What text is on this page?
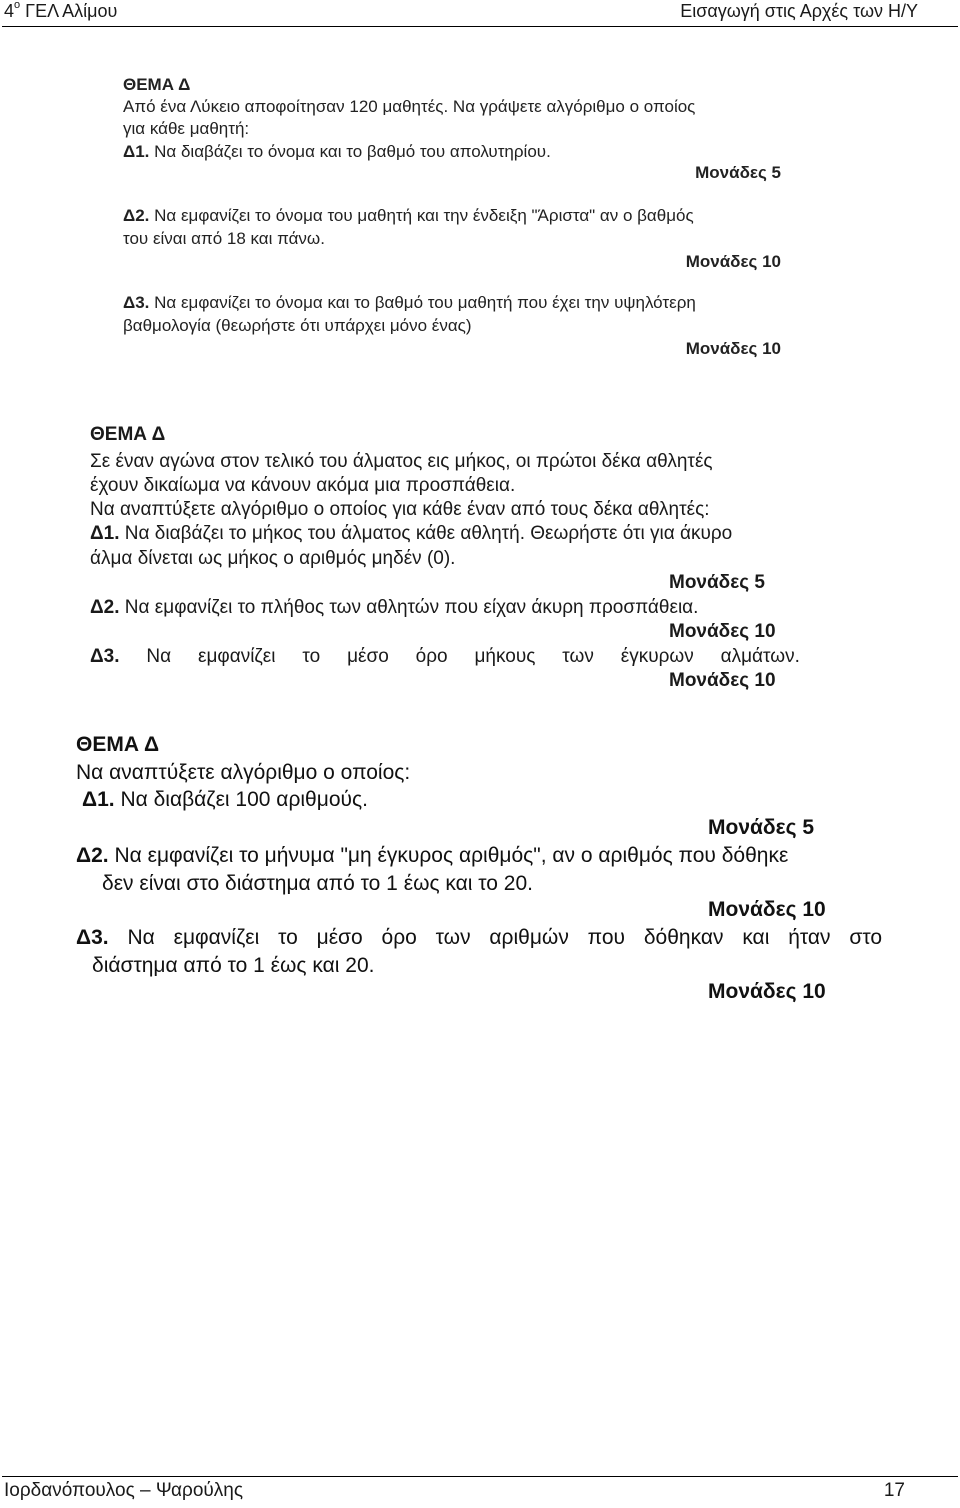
$4^o$ ΓΕΛ Αλίμου	Εισαγωγή στις Αρχές των Η/Υ
ΘΕΜΑ Δ
Από ένα Λύκειο αποφοίτησαν 120 μαθητές. Να γράψετε αλγόριθμο ο οποίος
για κάθε μαθητή:
Δ1. Να διαβάζει το όνομα και το βαθμό του απολυτηρίου.
Μονάδες 5
Δ2. Να εμφανίζει το όνομα του μαθητή και την ένδειξη "Άριστα" αν ο βαθμός
του είναι από 18 και πάνω.
Μονάδες 10
Δ3. Να εμφανίζει το όνομα και το βαθμό του μαθητή που έχει την υψηλότερη
βαθμολογία (θεωρήστε ότι υπάρχει μόνο ένας)
Μονάδες 10
ΘΕΜΑ Δ
Σε έναν αγώνα στον τελικό του άλματος εις μήκος, οι πρώτοι δέκα αθλητές
έχουν δικαίωμα να κάνουν ακόμα μια προσπάθεια.
Να αναπτύξετε αλγόριθμο ο οποίος για κάθε έναν από τους δέκα αθλητές:
Δ1. Να διαβάζει το μήκος του άλματος κάθε αθλητή. Θεωρήστε ότι για άκυρο
άλμα δίνεται ως μήκος ο αριθμός μηδέν (0).
Μονάδες 5
Δ2. Να εμφανίζει το πλήθος των αθλητών που είχαν άκυρη προσπάθεια.
Μονάδες 10
Δ3. Να εμφανίζει το μέσο όρο μήκους των έγκυρων αλμάτων.
Μονάδες 10
ΘΕΜΑ Δ
Να αναπτύξετε αλγόριθμο ο οποίος:
Δ1. Να διαβάζει 100 αριθμούς.
Μονάδες 5
Δ2. Να εμφανίζει το μήνυμα "μη έγκυρος αριθμός", αν ο αριθμός που δόθηκε
δεν είναι στο διάστημα από το 1 έως και το 20.
Μονάδες 10
Δ3. Να εμφανίζει το μέσο όρο των αριθμών που δόθηκαν και ήταν στο
διάστημα από το 1 έως και 20.
Μονάδες 10
Ιορδανόπουλος – Ψαρούλης	17
